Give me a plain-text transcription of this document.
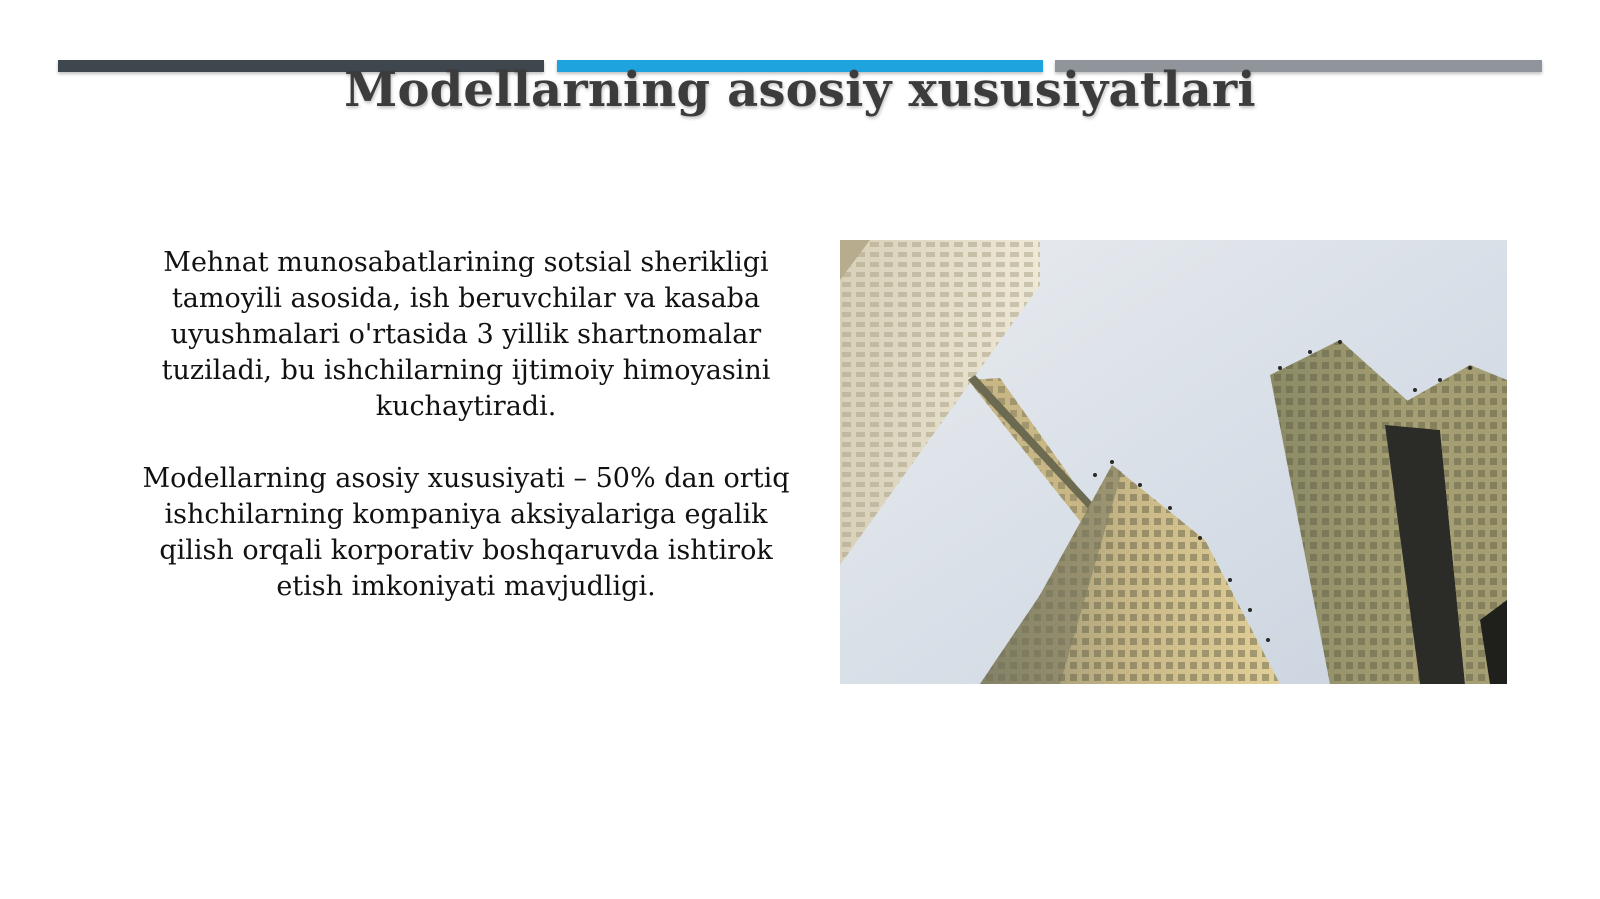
Modellarning asosiy xususiyatlari

Mehnat munosabatlarining sotsial sherikligi tamoyili asosida, ish beruvchilar va kasaba uyushmalari o'rtasida 3 yillik shartnomalar tuziladi, bu ishchilarning ijtimoiy himoyasini kuchaytiradi.

Modellarning asosiy xususiyati – 50% dan ortiq ishchilarning kompaniya aksiyalariga egalik qilish orqali korporativ boshqaruvda ishtirok etish imkoniyati mavjudligi.
